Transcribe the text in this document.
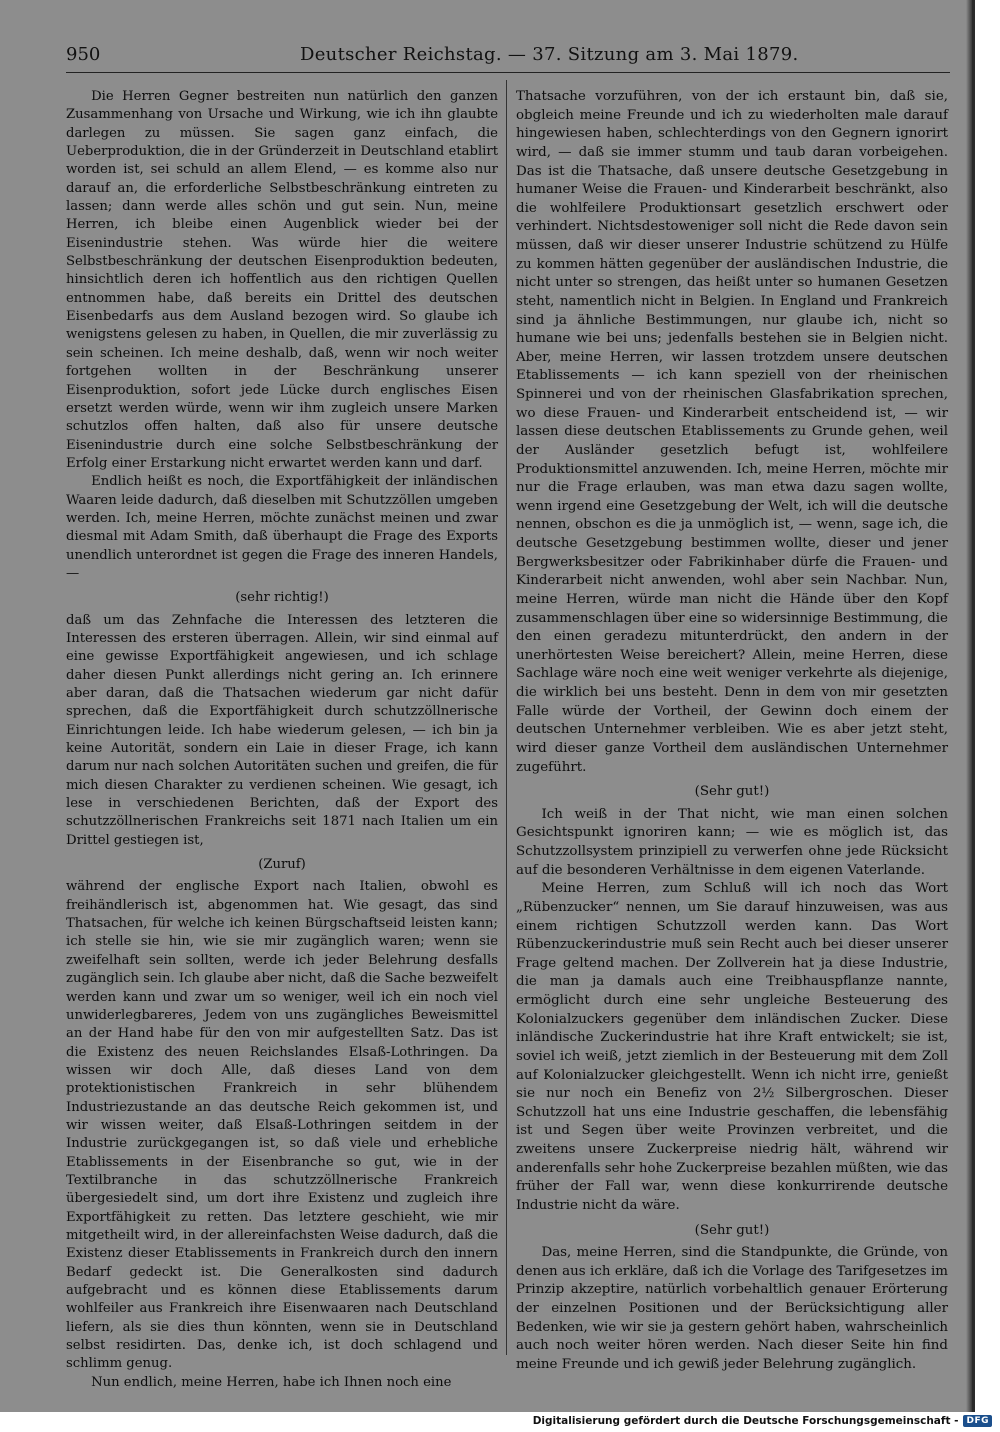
950	Deutscher Reichstag. — 37. Sitzung am 3. Mai 1879.

Die Herren Gegner bestreiten nun natürlich den ganzen Zusammenhang von Ursache und Wirkung, wie ich ihn glaubte darlegen zu müssen. Sie sagen ganz einfach, die Ueberproduktion, die in der Gründerzeit in Deutschland etablirt worden ist, sei schuld an allem Elend, — es komme also nur darauf an, die erforderliche Selbstbeschränkung eintreten zu lassen; dann werde alles schön und gut sein. Nun, meine Herren, ich bleibe einen Augenblick wieder bei der Eisenindustrie stehen. Was würde hier die weitere Selbstbeschränkung der deutschen Eisenproduktion bedeuten, hinsichtlich deren ich hoffentlich aus den richtigen Quellen entnommen habe, daß bereits ein Drittel des deutschen Eisenbedarfs aus dem Ausland bezogen wird. So glaube ich wenigstens gelesen zu haben, in Quellen, die mir zuverlässig zu sein scheinen. Ich meine deshalb, daß, wenn wir noch weiter fortgehen wollten in der Beschränkung unserer Eisenproduktion, sofort jede Lücke durch englisches Eisen ersetzt werden würde, wenn wir ihm zugleich unsere Marken schutzlos offen halten, daß also für unsere deutsche Eisenindustrie durch eine solche Selbstbeschränkung der Erfolg einer Erstarkung nicht erwartet werden kann und darf.

Endlich heißt es noch, die Exportfähigkeit der inländischen Waaren leide dadurch, daß dieselben mit Schutzzöllen umgeben werden. Ich, meine Herren, möchte zunächst meinen und zwar diesmal mit Adam Smith, daß überhaupt die Frage des Exports unendlich unterordnet ist gegen die Frage des inneren Handels, —

(sehr richtig!)

daß um das Zehnfache die Interessen des letzteren die Interessen des ersteren überragen. Allein, wir sind einmal auf eine gewisse Exportfähigkeit angewiesen, und ich schlage daher diesen Punkt allerdings nicht gering an. Ich erinnere aber daran, daß die Thatsachen wiederum gar nicht dafür sprechen, daß die Exportfähigkeit durch schutzzöllnerische Einrichtungen leide. Ich habe wiederum gelesen, — ich bin ja keine Autorität, sondern ein Laie in dieser Frage, ich kann darum nur nach solchen Autoritäten suchen und greifen, die für mich diesen Charakter zu verdienen scheinen. Wie gesagt, ich lese in verschiedenen Berichten, daß der Export des schutzzöllnerischen Frankreichs seit 1871 nach Italien um ein Drittel gestiegen ist,

(Zuruf)

während der englische Export nach Italien, obwohl es freihändlerisch ist, abgenommen hat. Wie gesagt, das sind Thatsachen, für welche ich keinen Bürgschaftseid leisten kann; ich stelle sie hin, wie sie mir zugänglich waren; wenn sie zweifelhaft sein sollten, werde ich jeder Belehrung desfalls zugänglich sein. Ich glaube aber nicht, daß die Sache bezweifelt werden kann und zwar um so weniger, weil ich ein noch viel unwiderlegbareres, Jedem von uns zugängliches Beweismittel an der Hand habe für den von mir aufgestellten Satz. Das ist die Existenz des neuen Reichslandes Elsaß-Lothringen. Da wissen wir doch Alle, daß dieses Land von dem protektionistischen Frankreich in sehr blühendem Industriezustande an das deutsche Reich gekommen ist, und wir wissen weiter, daß Elsaß-Lothringen seitdem in der Industrie zurückgegangen ist, so daß viele und erhebliche Etablissements in der Eisenbranche so gut, wie in der Textilbranche in das schutzzöllnerische Frankreich übergesiedelt sind, um dort ihre Existenz und zugleich ihre Exportfähigkeit zu retten. Das letztere geschieht, wie mir mitgetheilt wird, in der allereinfachsten Weise dadurch, daß die Existenz dieser Etablissements in Frankreich durch den innern Bedarf gedeckt ist. Die Generalkosten sind dadurch aufgebracht und es können diese Etablissements darum wohlfeiler aus Frankreich ihre Eisenwaaren nach Deutschland liefern, als sie dies thun könnten, wenn sie in Deutschland selbst residirten. Das, denke ich, ist doch schlagend und schlimm genug.

Nun endlich, meine Herren, habe ich Ihnen noch eine

Thatsache vorzuführen, von der ich erstaunt bin, daß sie, obgleich meine Freunde und ich zu wiederholten male darauf hingewiesen haben, schlechterdings von den Gegnern ignorirt wird, — daß sie immer stumm und taub daran vorbeigehen. Das ist die Thatsache, daß unsere deutsche Gesetzgebung in humaner Weise die Frauen- und Kinderarbeit beschränkt, also die wohlfeilere Produktionsart gesetzlich erschwert oder verhindert. Nichtsdestoweniger soll nicht die Rede davon sein müssen, daß wir dieser unserer Industrie schützend zu Hülfe zu kommen hätten gegenüber der ausländischen Industrie, die nicht unter so strengen, das heißt unter so humanen Gesetzen steht, namentlich nicht in Belgien. In England und Frankreich sind ja ähnliche Bestimmungen, nur glaube ich, nicht so humane wie bei uns; jedenfalls bestehen sie in Belgien nicht. Aber, meine Herren, wir lassen trotzdem unsere deutschen Etablissements — ich kann speziell von der rheinischen Spinnerei und von der rheinischen Glasfabrikation sprechen, wo diese Frauen- und Kinderarbeit entscheidend ist, — wir lassen diese deutschen Etablissements zu Grunde gehen, weil der Ausländer gesetzlich befugt ist, wohlfeilere Produktionsmittel anzuwenden. Ich, meine Herren, möchte mir nur die Frage erlauben, was man etwa dazu sagen wollte, wenn irgend eine Gesetzgebung der Welt, ich will die deutsche nennen, obschon es die ja unmöglich ist, — wenn, sage ich, die deutsche Gesetzgebung bestimmen wollte, dieser und jener Bergwerksbesitzer oder Fabrikinhaber dürfe die Frauen- und Kinderarbeit nicht anwenden, wohl aber sein Nachbar. Nun, meine Herren, würde man nicht die Hände über den Kopf zusammenschlagen über eine so widersinnige Bestimmung, die den einen geradezu mitunterdrückt, den andern in der unerhörtesten Weise bereichert? Allein, meine Herren, diese Sachlage wäre noch eine weit weniger verkehrte als diejenige, die wirklich bei uns besteht. Denn in dem von mir gesetzten Falle würde der Vortheil, der Gewinn doch einem der deutschen Unternehmer verbleiben. Wie es aber jetzt steht, wird dieser ganze Vortheil dem ausländischen Unternehmer zugeführt.

(Sehr gut!)

Ich weiß in der That nicht, wie man einen solchen Gesichtspunkt ignoriren kann; — wie es möglich ist, das Schutzzollsystem prinzipiell zu verwerfen ohne jede Rücksicht auf die besonderen Verhältnisse in dem eigenen Vaterlande.

Meine Herren, zum Schluß will ich noch das Wort „Rübenzucker“ nennen, um Sie darauf hinzuweisen, was aus einem richtigen Schutzzoll werden kann. Das Wort Rübenzuckerindustrie muß sein Recht auch bei dieser unserer Frage geltend machen. Der Zollverein hat ja diese Industrie, die man ja damals auch eine Treibhauspflanze nannte, ermöglicht durch eine sehr ungleiche Besteuerung des Kolonialzuckers gegenüber dem inländischen Zucker. Diese inländische Zuckerindustrie hat ihre Kraft entwickelt; sie ist, soviel ich weiß, jetzt ziemlich in der Besteuerung mit dem Zoll auf Kolonialzucker gleichgestellt. Wenn ich nicht irre, genießt sie nur noch ein Benefiz von 2½ Silbergroschen. Dieser Schutzzoll hat uns eine Industrie geschaffen, die lebensfähig ist und Segen über weite Provinzen verbreitet, und die zweitens unsere Zuckerpreise niedrig hält, während wir anderenfalls sehr hohe Zuckerpreise bezahlen müßten, wie das früher der Fall war, wenn diese konkurrirende deutsche Industrie nicht da wäre.

(Sehr gut!)

Das, meine Herren, sind die Standpunkte, die Gründe, von denen aus ich erkläre, daß ich die Vorlage des Tarifgesetzes im Prinzip akzeptire, natürlich vorbehaltlich genauer Erörterung der einzelnen Positionen und der Berücksichtigung aller Bedenken, wie wir sie ja gestern gehört haben, wahrscheinlich auch noch weiter hören werden. Nach dieser Seite hin find meine Freunde und ich gewiß jeder Belehrung zugänglich.

Digitalisierung gefördert durch die Deutsche Forschungsgemeinschaft - DFG
